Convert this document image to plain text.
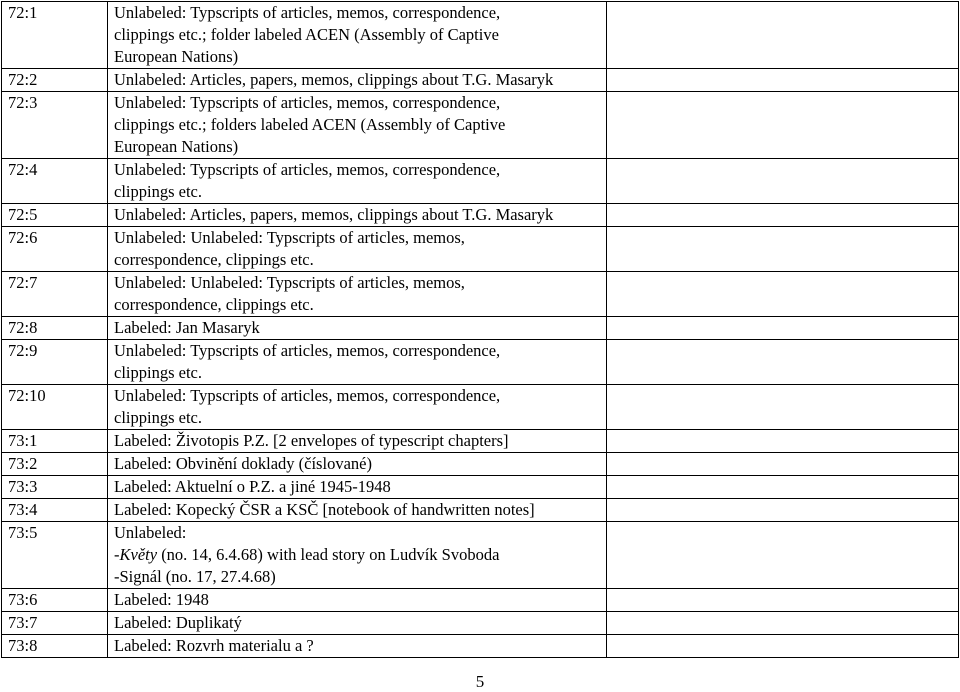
72:1	Unlabeled: Typscripts of articles, memos, correspondence,
clippings etc.; folder labeled ACEN (Assembly of Captive
European Nations)	

72:2	Unlabeled: Articles, papers, memos, clippings about T.G. Masaryk	

72:3	Unlabeled: Typscripts of articles, memos, correspondence,
clippings etc.; folders labeled ACEN (Assembly of Captive
European Nations)	

72:4	Unlabeled: Typscripts of articles, memos, correspondence,
clippings etc.	

72:5	Unlabeled: Articles, papers, memos, clippings about T.G. Masaryk	

72:6	Unlabeled: Unlabeled: Typscripts of articles, memos,
correspondence, clippings etc.	

72:7	Unlabeled: Unlabeled: Typscripts of articles, memos,
correspondence, clippings etc.	

72:8	Labeled: Jan Masaryk	

72:9	Unlabeled: Typscripts of articles, memos, correspondence,
clippings etc.	

72:10	Unlabeled: Typscripts of articles, memos, correspondence,
clippings etc.	

73:1	Labeled: Životopis P.Z. [2 envelopes of typescript chapters]	

73:2	Labeled: Obvinění doklady (číslované)	

73:3	Labeled: Aktuelní o P.Z. a jiné 1945-1948	

73:4	Labeled: Kopecký ČSR a KSČ [notebook of handwritten notes]	

73:5	Unlabeled:
-Květy (no. 14, 6.4.68) with lead story on Ludvík Svoboda
-Signál (no. 17, 27.4.68)	

73:6	Labeled: 1948	

73:7	Labeled: Duplikatý	

73:8	Labeled: Rozvrh materialu a ?	

5
